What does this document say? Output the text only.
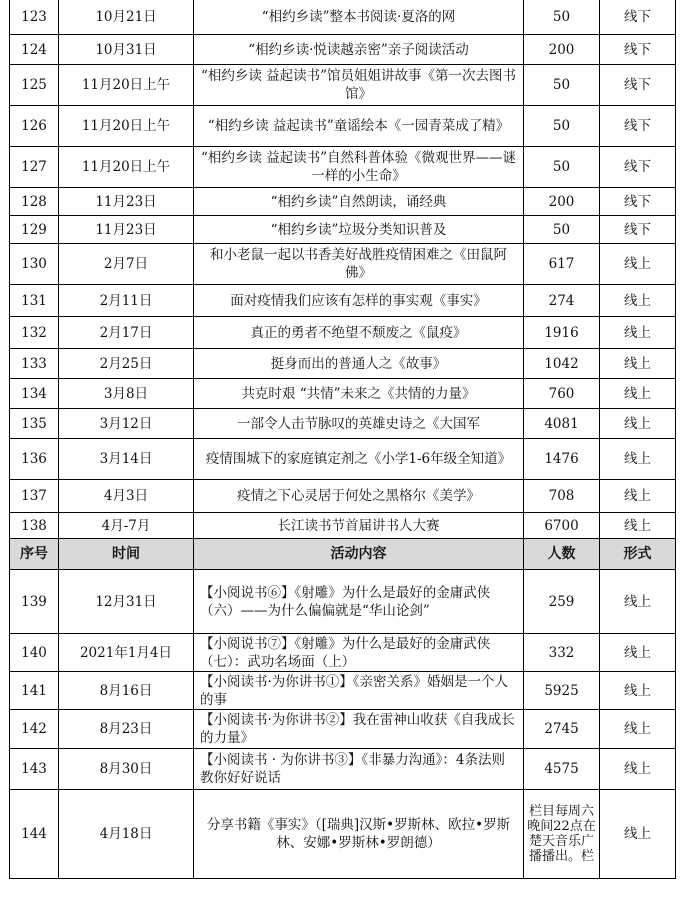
123	10月21日	“相约乡读”整本书阅读·夏洛的网	50	线下
124	10月31日	“相约乡读·悦读越亲密”亲子阅读活动	200	线下
125	11月20日上午	“相约乡读 益起读书”馆员姐姐讲故事《第一次去图书馆》	50	线下
126	11月20日上午	“相约乡读 益起读书”童谣绘本《一园青菜成了精》	50	线下
127	11月20日上午	“相约乡读 益起读书”自然科普体验《微观世界——谜一样的小生命》	50	线下
128	11月23日	“相约乡读”自然朗读，诵经典	200	线下
129	11月23日	“相约乡读”垃圾分类知识普及	50	线下
130	2月7日	和小老鼠一起以书香美好战胜疫情困难之《田鼠阿佛》	617	线上
131	2月11日	面对疫情我们应该有怎样的事实观《事实》	274	线上
132	2月17日	真正的勇者不绝望不颓废之《鼠疫》	1916	线上
133	2月25日	挺身而出的普通人之《故事》	1042	线上
134	3月8日	共克时艰 “共情”未来之《共情的力量》	760	线上
135	3月12日	一部令人击节脉叹的英雄史诗之《大国军	4081	线上
136	3月14日	疫情围城下的家庭镇定剂之《小学1-6年级全知道》	1476	线上
137	4月3日	疫情之下心灵居于何处之黑格尔《美学》	708	线上
138	4月-7月	长江读书节首届讲书人大赛	6700	线上
序号	时间	活动内容	人数	形式
139	12月31日	【小阅说书⑥】《射雕》为什么是最好的金庸武侠（六）——为什么偏偏就是“华山论剑”	259	线上
140	2021年1月4日	【小阅说书⑦】《射雕》为什么是最好的金庸武侠（七）：武功名场面（上）	332	线上
141	8月16日	【小阅读书·为你讲书①】《亲密关系》婚姻是一个人的事	5925	线上
142	8月23日	【小阅读书·为你讲书②】我在雷神山收获《自我成长的力量》	2745	线上
143	8月30日	【小阅读书 · 为你讲书③】《非暴力沟通》：4条法则教你好好说话	4575	线上
144	4月18日	分享书籍《事实》（[瑞典]汉斯•罗斯林、欧拉•罗斯林、安娜•罗斯林•罗朗德）	栏目每周六晚间22点在楚天音乐广播播出。栏	线上
